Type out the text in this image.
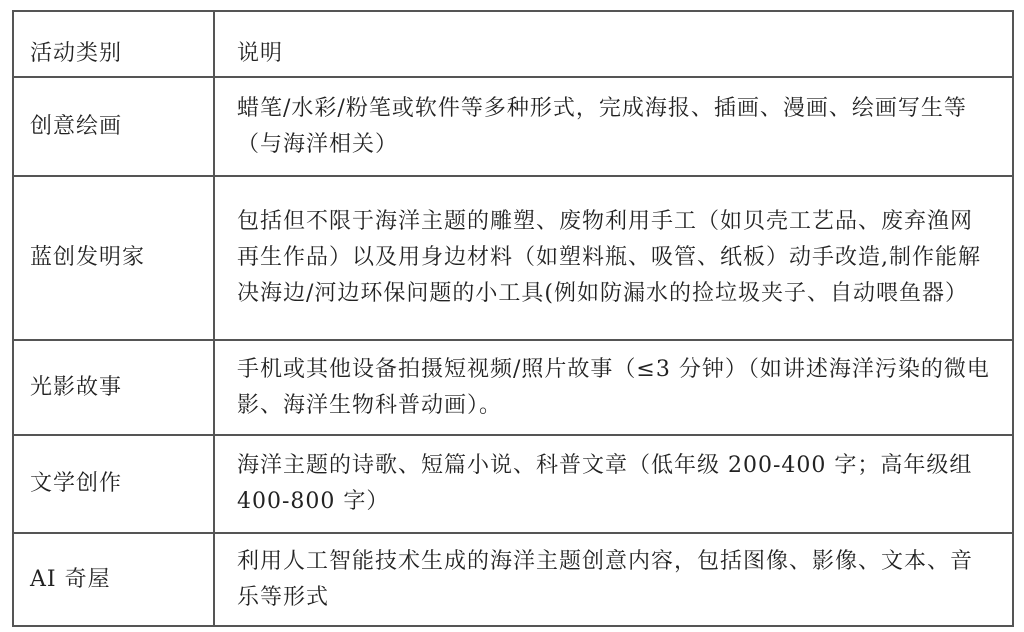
活动类别	说明
创意绘画	蜡笔/水彩/粉笔或软件等多种形式，完成海报、插画、漫画、绘画写生等（与海洋相关）
蓝创发明家	包括但不限于海洋主题的雕塑、废物利用手工（如贝壳工艺品、废弃渔网再生作品）以及用身边材料（如塑料瓶、吸管、纸板）动手改造,制作能解决海边/河边环保问题的小工具(例如防漏水的捡垃圾夹子、自动喂鱼器）
光影故事	手机或其他设备拍摄短视频/照片故事（≤3 分钟）（如讲述海洋污染的微电影、海洋生物科普动画）。
文学创作	海洋主题的诗歌、短篇小说、科普文章（低年级 200-400 字；高年级组 400-800 字）
AI 奇屋	利用人工智能技术生成的海洋主题创意内容，包括图像、影像、文本、音乐等形式
